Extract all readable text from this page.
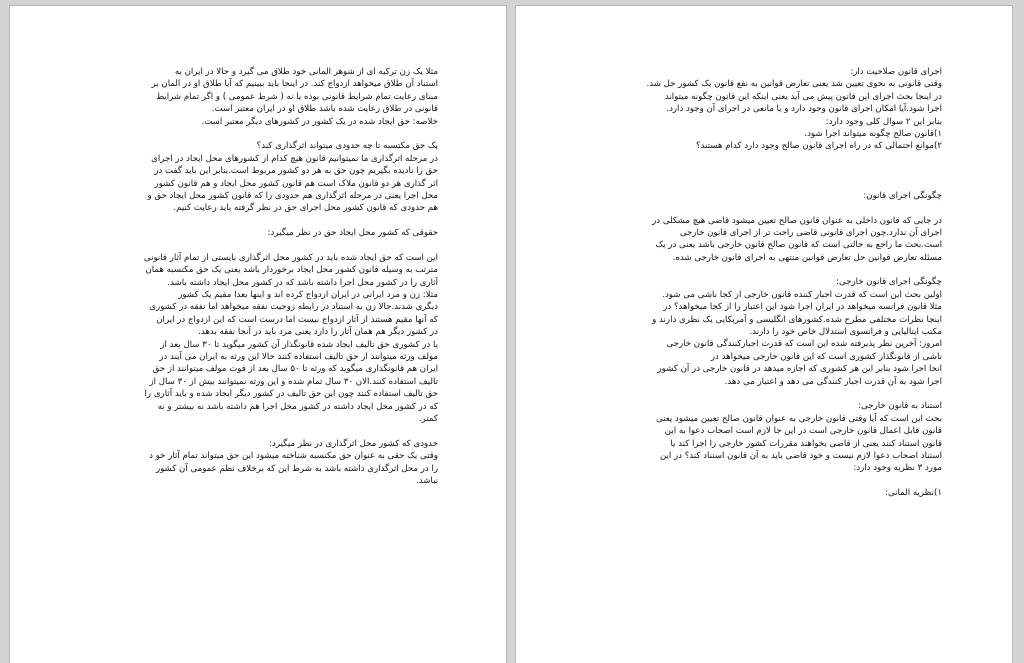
مثلا یک زن ترکیه ای از شوهر المانی خود طلاق می گیرد و حالا در ایران به
استناد آن طلاق میخواهد ازدواج کند. در اینجا باید ببینیم که آیا طلاق او در المان بر
مبنای رعایت تمام شرایط قانونی بوده یا نه ( شرط عمومی ) و اگر تمام شرایط
قانونی در طلاق رعایت شده باشد طلاق او در ایران معتبر است.
خلاصه: حق ایجاد شده در یک کشور در کشورهای دیگر معتبر است.
یک حق مکتسبه تا چه حدودی میتواند اثرگذاری کند؟
در مرحله اثرگذاری ما نمیتوانیم قانون هیچ کدام از کشورهای محل ایجاد در اجرای
حق را نادیده بگیریم چون حق به هر دو کشور مربوط است.بنابر این باید گفت در
اثر گذاری هر دو قانون ملاک است هم قانون کشور محل ایجاد و هم قانون کشور
محل اجرا یعنی در مرحله اثرگذاری هم حدودی را که قانون کشور محل ایجاد حق و
هم حدودی که قانون کشور محل اجرای حق در نظر گرفته باید رعایت کنیم.
حقوقی که کشور محل ایجاد حق در نظر میگیرد:
این است که حق ایجاد شده باید در کشور محل اثرگذاری بایستی از تمام آثار قانونی
مترتب به وسیله قانون کشور محل ایجاد برخوردار باشد یعنی یک حق مکتسبه همان
آثاری را در کشور محل اجرا داشته باشد که در کشور محل ایجاد داشته باشد.
مثلا: زن و مرد ایرانی در ایران ازدواج کرده اند و اینها بعدا مقیم یک کشور
دیگری شدند.حالا زن به استناد در رابطه زوجیت نفقه میخواهد اما نفقه در کشوری
که آنها مقیم هستند از آثار ازدواج نیست اما درست است که این ازدواج در ایران
در کشور دیگر هم همان آثار را دارد یعنی مرد باید در آنجا نفقه بدهد.
یا در کشوری حق تالیف ایجاد شده قانونگذار آن کشور میگوید تا ۳۰ سال بعد از
مولف ورثه میتوانند از حق تالیف استفاده کنند حالا این ورثه به ایران می آیند در
ایران هم قانونگذاری میگوید که ورثه تا ۵۰ سال بعد از فوت مولف میتوانند از حق
تالیف استفاده کنند.الان ۳۰ سال تمام شده و این ورثه نمیتوانند بیش از ۳۰ سال از
حق تالیف استفاده کنند چون این حق تالیف در کشور دیگر ایجاد شده و باید آثاری را
که در کشور محل ایجاد داشته در کشور محل اجرا هم داشته باشد نه بیشتر و نه
کمتر.
حدودی که کشور محل اثرگذاری در نظر میگیرد:
وقتی یک حقی به عنوان حق مکتسبه شناخته میشود این حق میتواند تمام آثار خو د
را در محل اثرگذاری داشته باشد به شرط این که برخلاف نظم عمومی آن کشور
نباشد.
اجرای قانون صلاحیت دار:
وقتی قانونی به نحوی تعیین شد یعنی تعارض قوانین به نفع قانون یک کشور حل شد.
در اینجا بحث اجرای این قانون پیش می آید یعنی اینکه این قانون چگونه میتواند
اجرا شود.آیا امکان اجرای قانون وجود دارد و یا مانعی در اجرای آن وجود دارد.
بنابر این ۲ سوال کلی وجود دارد:
۱)قانون صالح چگونه میتواند اجرا شود.
۲)موانع احتمالی که در راه اجرای قانون صالح وجود دارد کدام هستند؟
چگونگی اجرای قانون:
در جایی که قانون داخلی به عنوان قانون صالح تعیین میشود قاضی هیچ مشکلی در
اجرای آن ندارد.چون اجرای قانونی قاضی راحت تر از اجرای قانون خارجی
است.بحث ما راجع به حالتی است که قانون صالح قانون خارجی باشد یعنی در یک
مسئله تعارض قوانین حل تعارض قوانین منتهی به اجرای قانون خارجی شده.
چگونگی اجرای قانون خارجی:
اولین بحث این است که قدرت اجبار کننده قانون خارجی از کجا ناشی می شود.
مثلا قانون فرانسه میخواهد در ایران اجرا شود این اعتبار را از کجا میخواهد؟ در
اینجا نظرات مختلفی مطرح شده.کشورهای انگلیسی و آمریکایی یک نظری دارند و
مکتب ایتالیایی و فرانسوی استدلال خاص خود را دارند.
امروز: آخرین نظر پذیرفته شده این است که قدرت اجبارکنندگی قانون خارجی
ناشی از قانونگذار کشوری است که این قانون خارجی میخواهد در
انجا اجرا شود بنابر این هر کشوری که اجازه میدهد در قانون خارجی در آن کشور
اجرا شود به آن قدرت اجبار کنندگی می دهد و اعتبار می دهد.
استناد به قانون خارجی:
بحث این است که آیا وقتی قانون خارجی به عنوان قانون صالح تعیین میشود یعنی
قانون قابل اعمال قانون خارجی است در این جا لازم است اصحاب دعوا به این
قانون استناد کنند یعنی از قاضی بخواهند مقررات کشور خارجی را اجرا کند یا
استناد اصحاب دعوا لازم نیست و خود قاضی باید به آن قانون استناد کند؟ در این
مورد ۳ نظریه وجود دارد:
۱)نظریه المانی:
